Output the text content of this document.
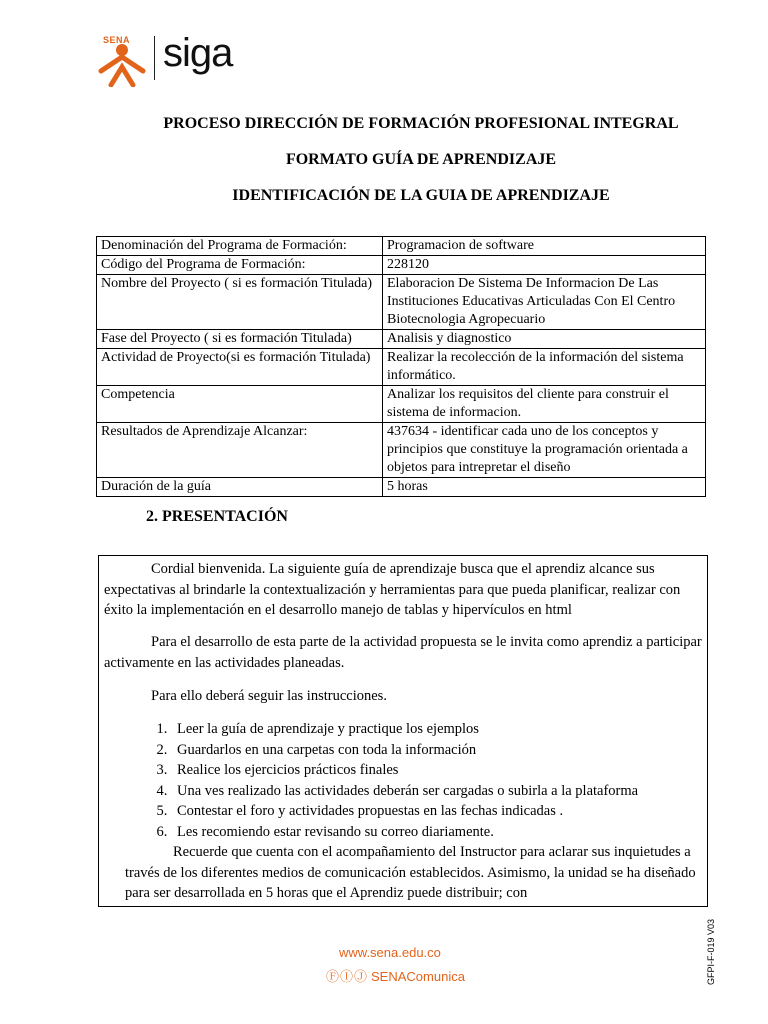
SENA siga
PROCESO DIRECCIÓN DE FORMACIÓN PROFESIONAL INTEGRAL
FORMATO GUÍA DE APRENDIZAJE
IDENTIFICACIÓN DE LA GUIA DE APRENDIZAJE
Denominación del Programa de Formación:	Programacion de software
Código del Programa de Formación:	228120
Nombre del Proyecto ( si es formación Titulada)	Elaboracion De Sistema De Informacion De Las Instituciones Educativas Articuladas Con El Centro Biotecnologia Agropecuario
Fase del Proyecto ( si es formación Titulada)	Analisis y diagnostico
Actividad de Proyecto(si es formación Titulada)	Realizar la recolección de la información del sistema informático.
Competencia	Analizar los requisitos del cliente para construir el sistema de informacion.
Resultados de Aprendizaje Alcanzar:	437634 - identificar cada uno de los conceptos y principios que constituye la programación orientada a objetos para intrepretar el diseño
Duración de la guía	5 horas
2. PRESENTACIÓN

Cordial bienvenida. La siguiente guía de aprendizaje busca que el aprendiz alcance sus expectativas al brindarle la contextualización y herramientas para que pueda planificar, realizar con éxito la implementación en el desarrollo manejo de tablas y hipervículos en html

Para el desarrollo de esta parte de la actividad propuesta se le invita como aprendiz a participar activamente en las actividades planeadas.

Para ello deberá seguir las instrucciones.

1. Leer la guía de aprendizaje y practique los ejemplos
2. Guardarlos en una carpetas con toda la información
3. Realice los ejercicios prácticos finales
4. Una ves realizado las actividades deberán ser cargadas o subirla a la plataforma
5. Contestar el foro y actividades propuestas en las fechas indicadas .
6. Les recomiendo estar revisando su correo diariamente.

Recuerde que cuenta con el acompañamiento del Instructor para aclarar sus inquietudes a través de los diferentes medios de comunicación establecidos. Asimismo, la unidad se ha diseñado para ser desarrollada en 5 horas que el Aprendiz puede distribuir; con

www.sena.edu.co
ⒻⒾⒿ SENAComunica	GFPI-F-019 V03
